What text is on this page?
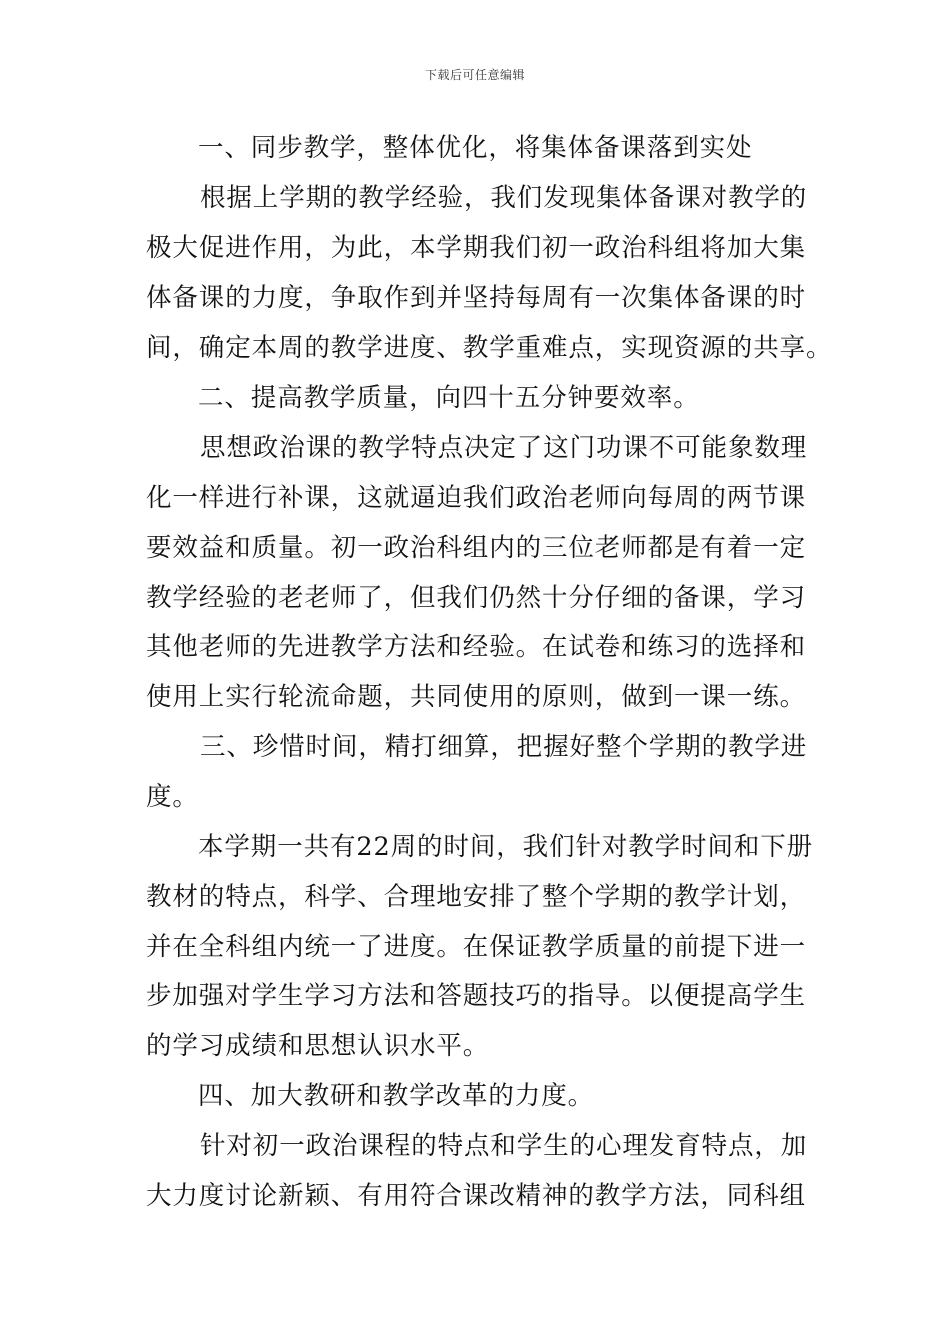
下载后可任意编辑
一、同步教学，整体优化，将集体备课落到实处
根据上学期的教学经验，我们发现集体备课对教学的
极大促进作用，为此，本学期我们初一政治科组将加大集
体备课的力度，争取作到并坚持每周有一次集体备课的时
间，确定本周的教学进度、教学重难点，实现资源的共享。
二、提高教学质量，向四十五分钟要效率。
思想政治课的教学特点决定了这门功课不可能象数理
化一样进行补课，这就逼迫我们政治老师向每周的两节课
要效益和质量。初一政治科组内的三位老师都是有着一定
教学经验的老老师了，但我们仍然十分仔细的备课，学习
其他老师的先进教学方法和经验。在试卷和练习的选择和
使用上实行轮流命题，共同使用的原则，做到一课一练。
三、珍惜时间，精打细算，把握好整个学期的教学进
度。
本学期一共有22周的时间，我们针对教学时间和下册
教材的特点，科学、合理地安排了整个学期的教学计划，
并在全科组内统一了进度。在保证教学质量的前提下进一
步加强对学生学习方法和答题技巧的指导。以便提高学生
的学习成绩和思想认识水平。
四、加大教研和教学改革的力度。
针对初一政治课程的特点和学生的心理发育特点，加
大力度讨论新颖、有用符合课改精神的教学方法，同科组
